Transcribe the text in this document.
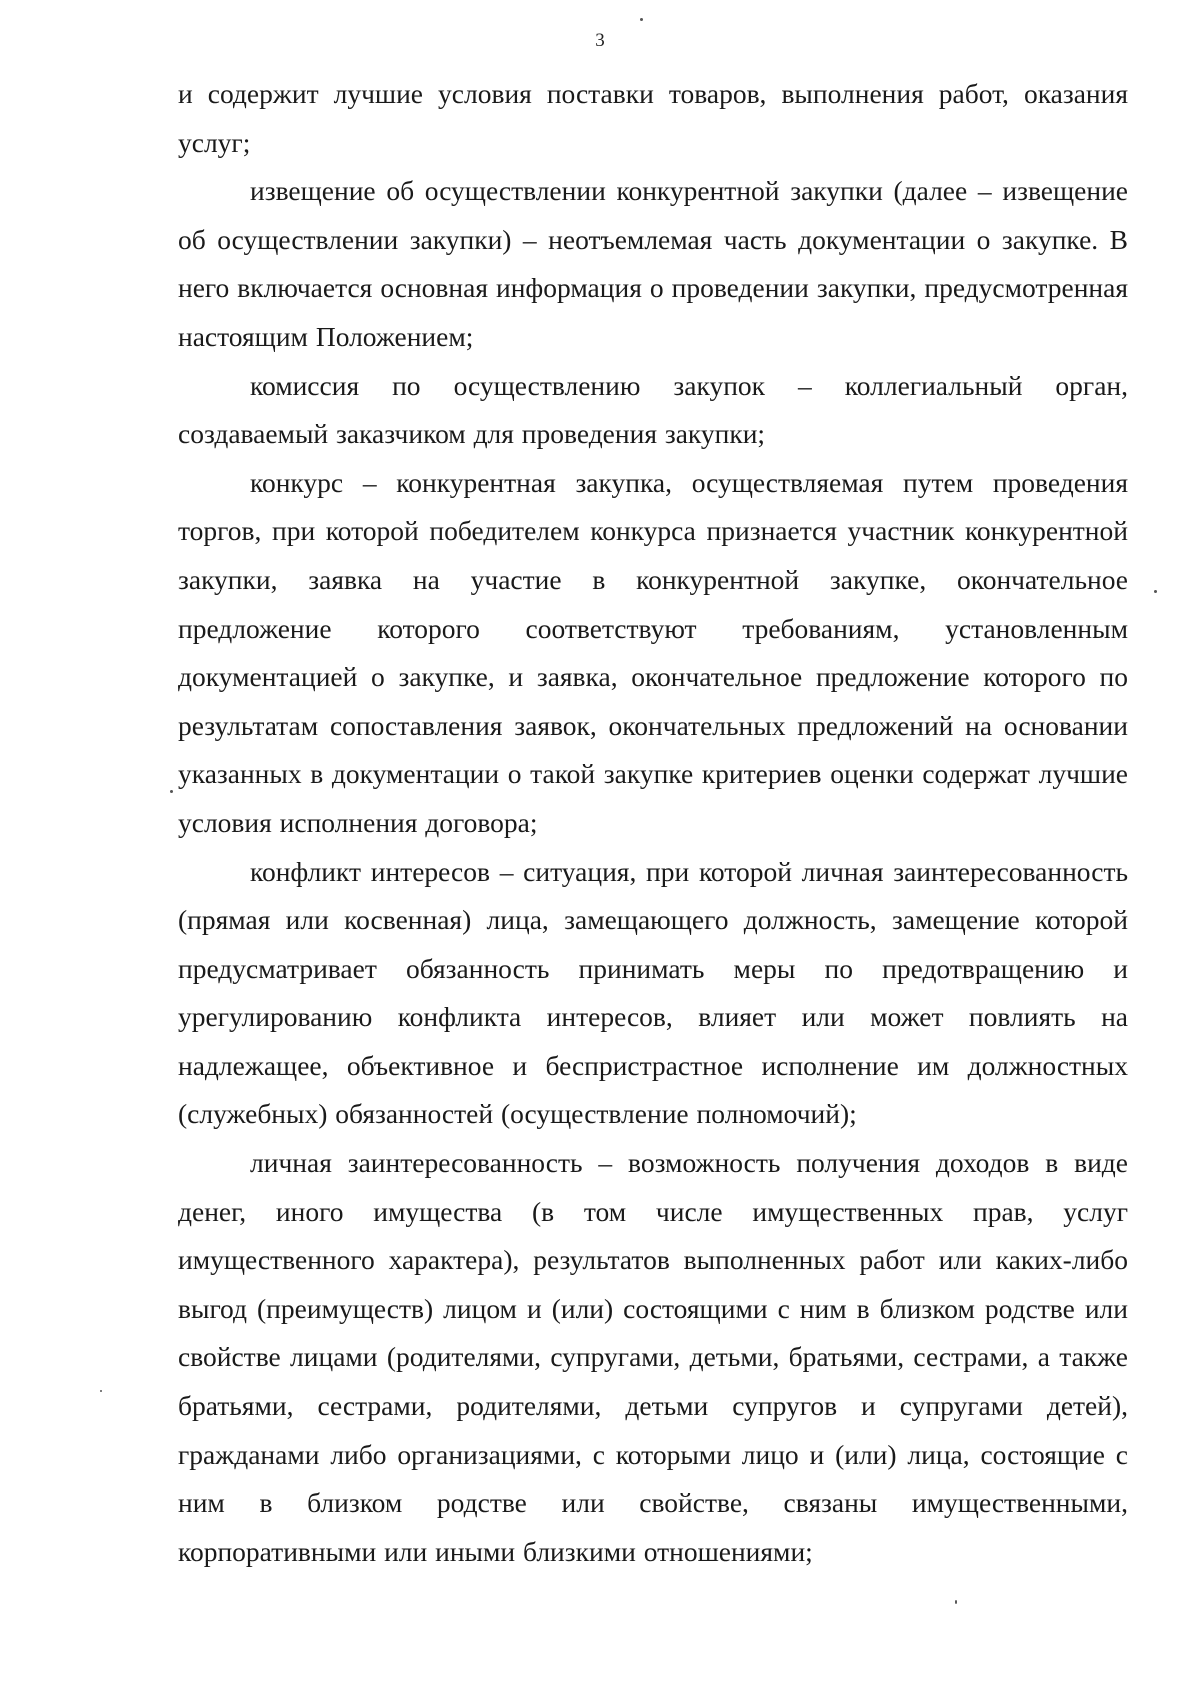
3

и содержит лучшие условия поставки товаров, выполнения работ, оказания услуг;

извещение об осуществлении конкурентной закупки (далее – извещение об осуществлении закупки) – неотъемлемая часть документации о закупке. В него включается основная информация о проведении закупки, предусмотренная настоящим Положением;

комиссия по осуществлению закупок – коллегиальный орган, создаваемый заказчиком для проведения закупки;

конкурс – конкурентная закупка, осуществляемая путем проведения торгов, при которой победителем конкурса признается участник конкурентной закупки, заявка на участие в конкурентной закупке, окончательное предложение которого соответствуют требованиям, установленным документацией о закупке, и заявка, окончательное предложение которого по результатам сопоставления заявок, окончательных предложений на основании указанных в документации о такой закупке критериев оценки содержат лучшие условия исполнения договора;

конфликт интересов – ситуация, при которой личная заинтересованность (прямая или косвенная) лица, замещающего должность, замещение которой предусматривает обязанность принимать меры по предотвращению и урегулированию конфликта интересов, влияет или может повлиять на надлежащее, объективное и беспристрастное исполнение им должностных (служебных) обязанностей (осуществление полномочий);

личная заинтересованность – возможность получения доходов в виде денег, иного имущества (в том числе имущественных прав, услуг имущественного характера), результатов выполненных работ или каких-либо выгод (преимуществ) лицом и (или) состоящими с ним в близком родстве или свойстве лицами (родителями, супругами, детьми, братьями, сестрами, а также братьями, сестрами, родителями, детьми супругов и супругами детей), гражданами либо организациями, с которыми лицо и (или) лица, состоящие с ним в близком родстве или свойстве, связаны имущественными, корпоративными или иными близкими отношениями;
